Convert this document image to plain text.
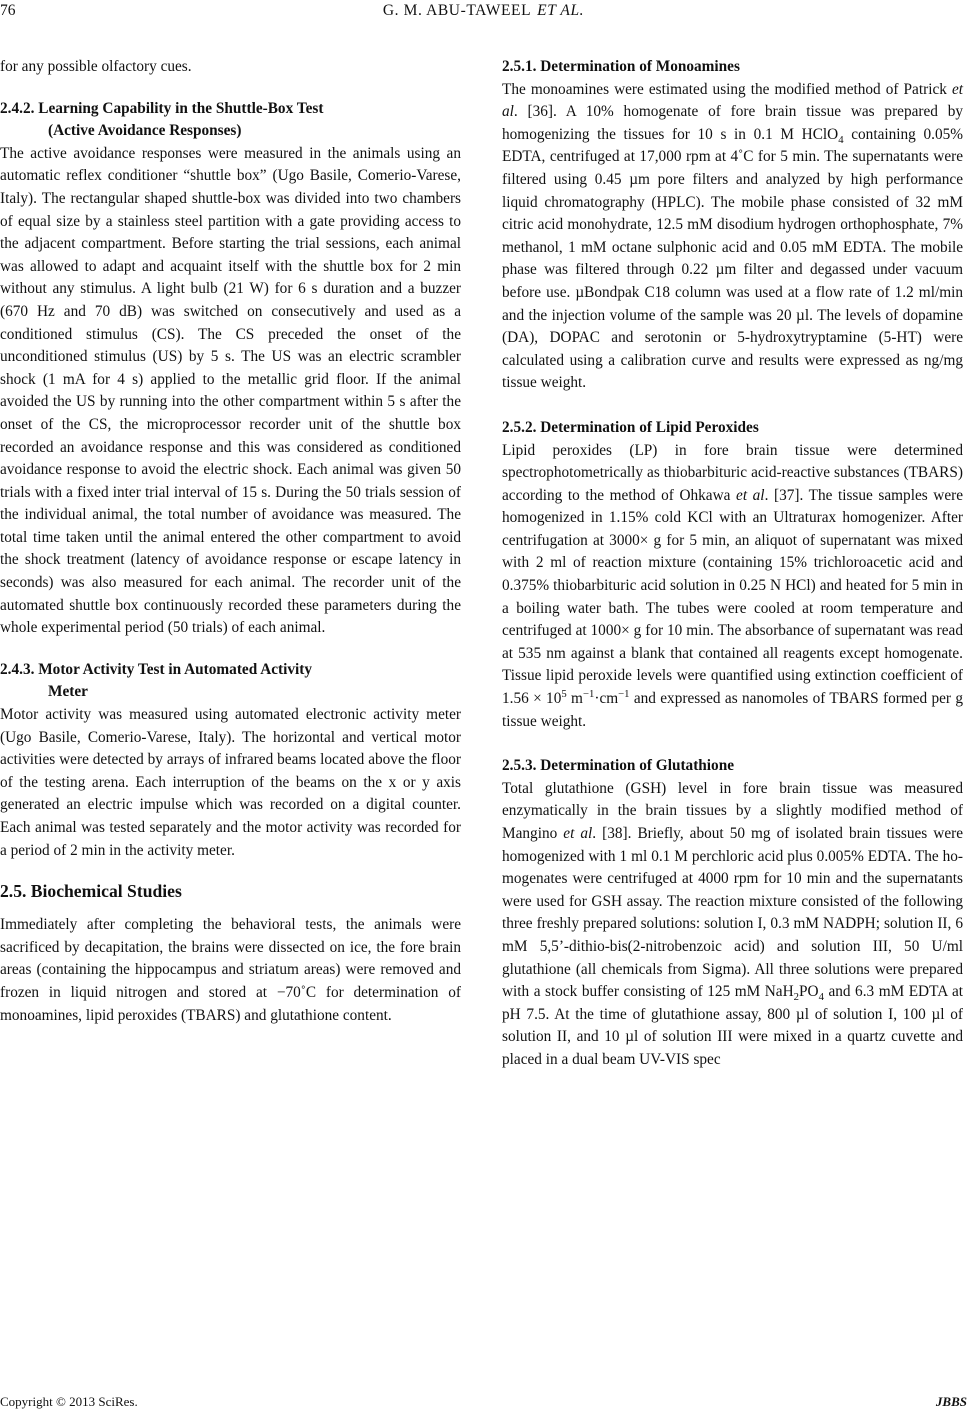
76	G. M. ABU-TAWEEL ET AL.

for any possible olfactory cues.

2.4.2. Learning Capability in the Shuttle-Box Test
(Active Avoidance Responses)

The active avoidance responses were measured in the animals using an automatic reflex conditioner “shuttle box” (Ugo Basile, Comerio-Varese, Italy). The rectangular shaped shuttle-box was divided into two chambers of equal size by a stainless steel partition with a gate providing access to the adjacent compartment. Before starting the trial sessions, each animal was allowed to adapt and acquaint itself with the shuttle box for 2 min without any stimulus. A light bulb (21 W) for 6 s duration and a buzzer (670 Hz and 70 dB) was switched on consecutively and used as a conditioned stimulus (CS). The CS preceded the onset of the unconditioned stimulus (US) by 5 s. The US was an electric scrambler shock (1 mA for 4 s) applied to the metallic grid floor. If the animal avoided the US by running into the other compartment within 5 s after the onset of the CS, the microprocessor recorder unit of the shuttle box recorded an avoidance response and this was considered as conditioned avoidance response to avoid the electric shock. Each animal was given 50 trials with a fixed inter trial interval of 15 s. During the 50 trials session of the individual animal, the total number of avoidance was measured. The total time taken until the animal entered the other compartment to avoid the shock treatment (latency of avoidance response or escape latency in seconds) was also measured for each animal. The recorder unit of the automated shuttle box continuously recorded these parameters during the whole experimental period (50 trials) of each animal.

2.4.3. Motor Activity Test in Automated Activity
Meter

Motor activity was measured using automated electronic activity meter (Ugo Basile, Comerio-Varese, Italy). The horizontal and vertical motor activities were detected by arrays of infrared beams located above the floor of the testing arena. Each interruption of the beams on the x or y axis generated an electric impulse which was recorded on a digital counter. Each animal was tested separately and the motor activity was recorded for a period of 2 min in the activity meter.

2.5. Biochemical Studies

Immediately after completing the behavioral tests, the animals were sacrificed by decapitation, the brains were dissected on ice, the fore brain areas (containing the hippocampus and striatum areas) were removed and frozen in liquid nitrogen and stored at −70˚C for determination of monoamines, lipid peroxides (TBARS) and glutathione content.

2.5.1. Determination of Monoamines

The monoamines were estimated using the modified method of Patrick et al. [36]. A 10% homogenate of fore brain tissue was prepared by homogenizing the tissues for 10 s in 0.1 M HClO$_4$ containing 0.05% EDTA, centrifuged at 17,000 rpm at 4˚C for 5 min. The supernatants were filtered using 0.45 µm pore filters and analyzed by high performance liquid chromatography (HPLC). The mobile phase consisted of 32 mM citric acid monohydrate, 12.5 mM disodium hydrogen orthophosphate, 7% methanol, 1 mM octane sulphonic acid and 0.05 mM EDTA. The mobile phase was filtered through 0.22 µm filter and degassed under vacuum before use. µBondpak C18 column was used at a flow rate of 1.2 ml/min and the injection volume of the sample was 20 µl. The levels of dopamine (DA), DOPAC and serotonin or 5-hydroxytryptamine (5-HT) were calculated using a calibration curve and results were expressed as ng/mg tissue weight.

2.5.2. Determination of Lipid Peroxides

Lipid peroxides (LP) in fore brain tissue were determined spectrophotometrically as thiobarbituric acid-reactive substances (TBARS) according to the method of Ohkawa et al. [37]. The tissue samples were homogenized in 1.15% cold KCl with an Ultraturax homogenizer. After centrifugation at 3000× g for 5 min, an aliquot of supernatant was mixed with 2 ml of reaction mixture (containing 15% trichloroacetic acid and 0.375% thiobarbituric acid solution in 0.25 N HCl) and heated for 5 min in a boiling water bath. The tubes were cooled at room temperature and centrifuged at 1000× g for 10 min. The absorbance of supernatant was read at 535 nm against a blank that contained all reagents except homogenate. Tissue lipid peroxide levels were quantified using extinction coefficient of $1.56 \times 10^5$ $m^{-1}\cdot cm^{-1}$ and expressed as nanomoles of TBARS formed per g tissue weight.

2.5.3. Determination of Glutathione

Total glutathione (GSH) level in fore brain tissue was measured enzymatically in the brain tissues by a slightly modified method of Mangino et al. [38]. Briefly, about 50 mg of isolated brain tissues were homogenized with 1 ml 0.1 M perchloric acid plus 0.005% EDTA. The homogenates were centrifuged at 4000 rpm for 10 min and the supernatants were used for GSH assay. The reaction mixture consisted of the following three freshly prepared solutions: solution I, 0.3 mM NADPH; solution II, 6 mM 5,5’-dithio-bis(2-nitrobenzoic acid) and solution III, 50 U/ml glutathione (all chemicals from Sigma). All three solutions were prepared with a stock buffer consisting of 125 mM $NaH_2PO_4$ and 6.3 mM EDTA at pH 7.5. At the time of glutathione assay, 800 µl of solution I, 100 µl of solution II, and 10 µl of solution III were mixed in a quartz cuvette and placed in a dual beam UV-VIS spec

Copyright © 2013 SciRes.	JBBS
